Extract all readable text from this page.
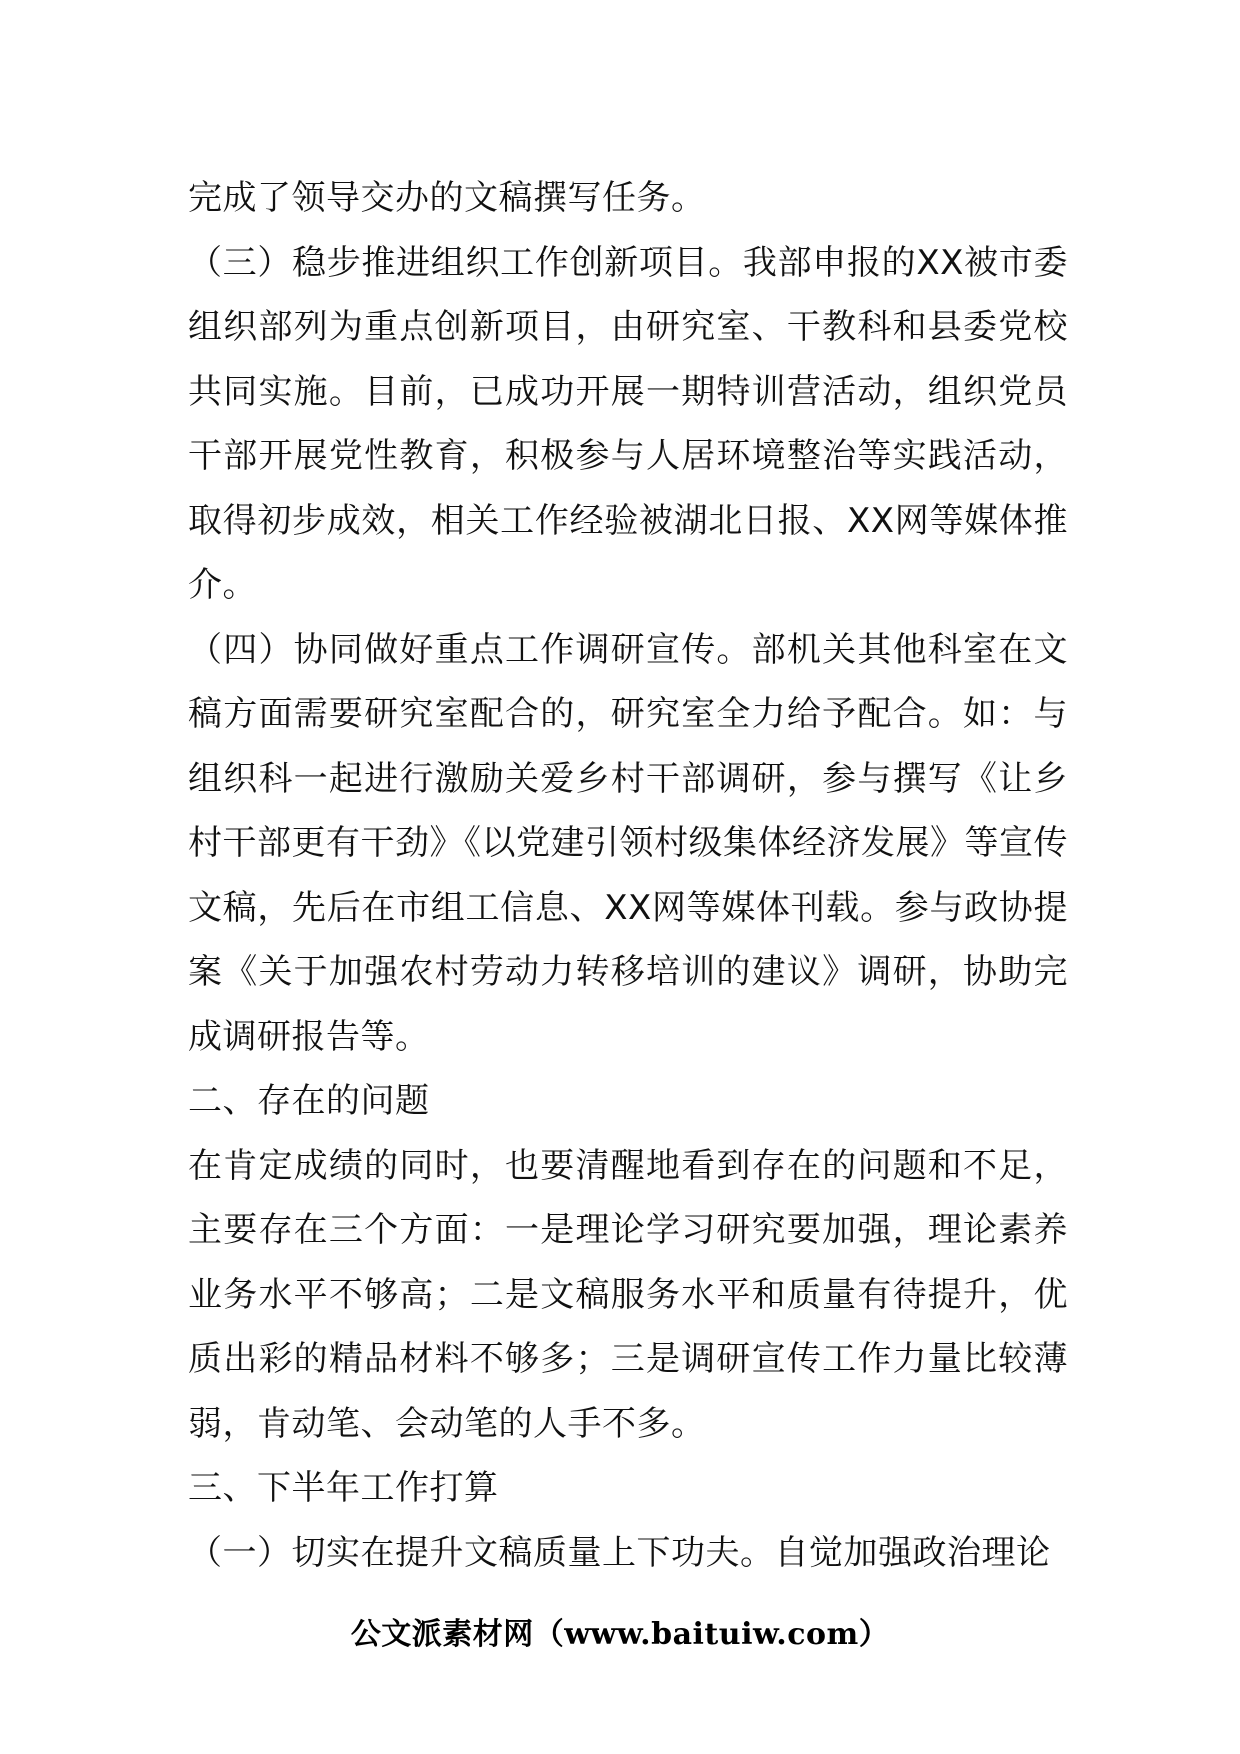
完成了领导交办的文稿撰写任务。

（三）稳步推进组织工作创新项目。我部申报的XX被市委组织部列为重点创新项目，由研究室、干教科和县委党校共同实施。目前，已成功开展一期特训营活动，组织党员干部开展党性教育，积极参与人居环境整治等实践活动，取得初步成效，相关工作经验被湖北日报、XX网等媒体推介。

（四）协同做好重点工作调研宣传。部机关其他科室在文稿方面需要研究室配合的，研究室全力给予配合。如：与组织科一起进行激励关爱乡村干部调研，参与撰写《让乡村干部更有干劲》《以党建引领村级集体经济发展》等宣传文稿，先后在市组工信息、XX网等媒体刊载。参与政协提案《关于加强农村劳动力转移培训的建议》调研，协助完成调研报告等。

二、存在的问题

在肯定成绩的同时，也要清醒地看到存在的问题和不足，主要存在三个方面：一是理论学习研究要加强，理论素养业务水平不够高；二是文稿服务水平和质量有待提升，优质出彩的精品材料不够多；三是调研宣传工作力量比较薄弱，肯动笔、会动笔的人手不多。

三、下半年工作打算

（一）切实在提升文稿质量上下功夫。自觉加强政治理论

公文派素材网（www.baituiw.com）
